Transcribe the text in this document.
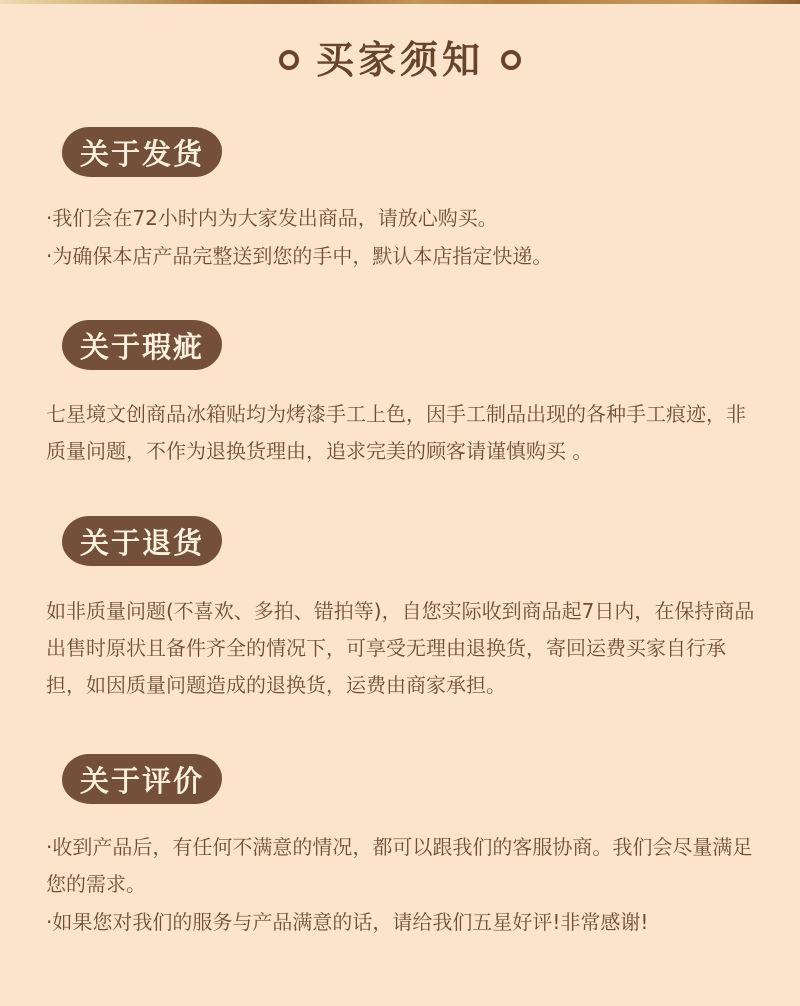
买家须知
关于发货

·我们会在72小时内为大家发出商品，请放心购买。

·为确保本店产品完整送到您的手中，默认本店指定快递。

关于瑕疵

七星境文创商品冰箱贴均为烤漆手工上色，因手工制品出现的各种手工痕迹，非质量问题，不作为退换货理由，追求完美的顾客请谨慎购买 。

关于退货

如非质量问题(不喜欢、多拍、错拍等)，自您实际收到商品起7日内，在保持商品出售时原状且备件齐全的情况下，可享受无理由退换货，寄回运费买家自行承担，如因质量问题造成的退换货，运费由商家承担。

关于评价

·收到产品后，有任何不满意的情况，都可以跟我们的客服协商。我们会尽量满足您的需求。

·如果您对我们的服务与产品满意的话，请给我们五星好评!非常感谢!
